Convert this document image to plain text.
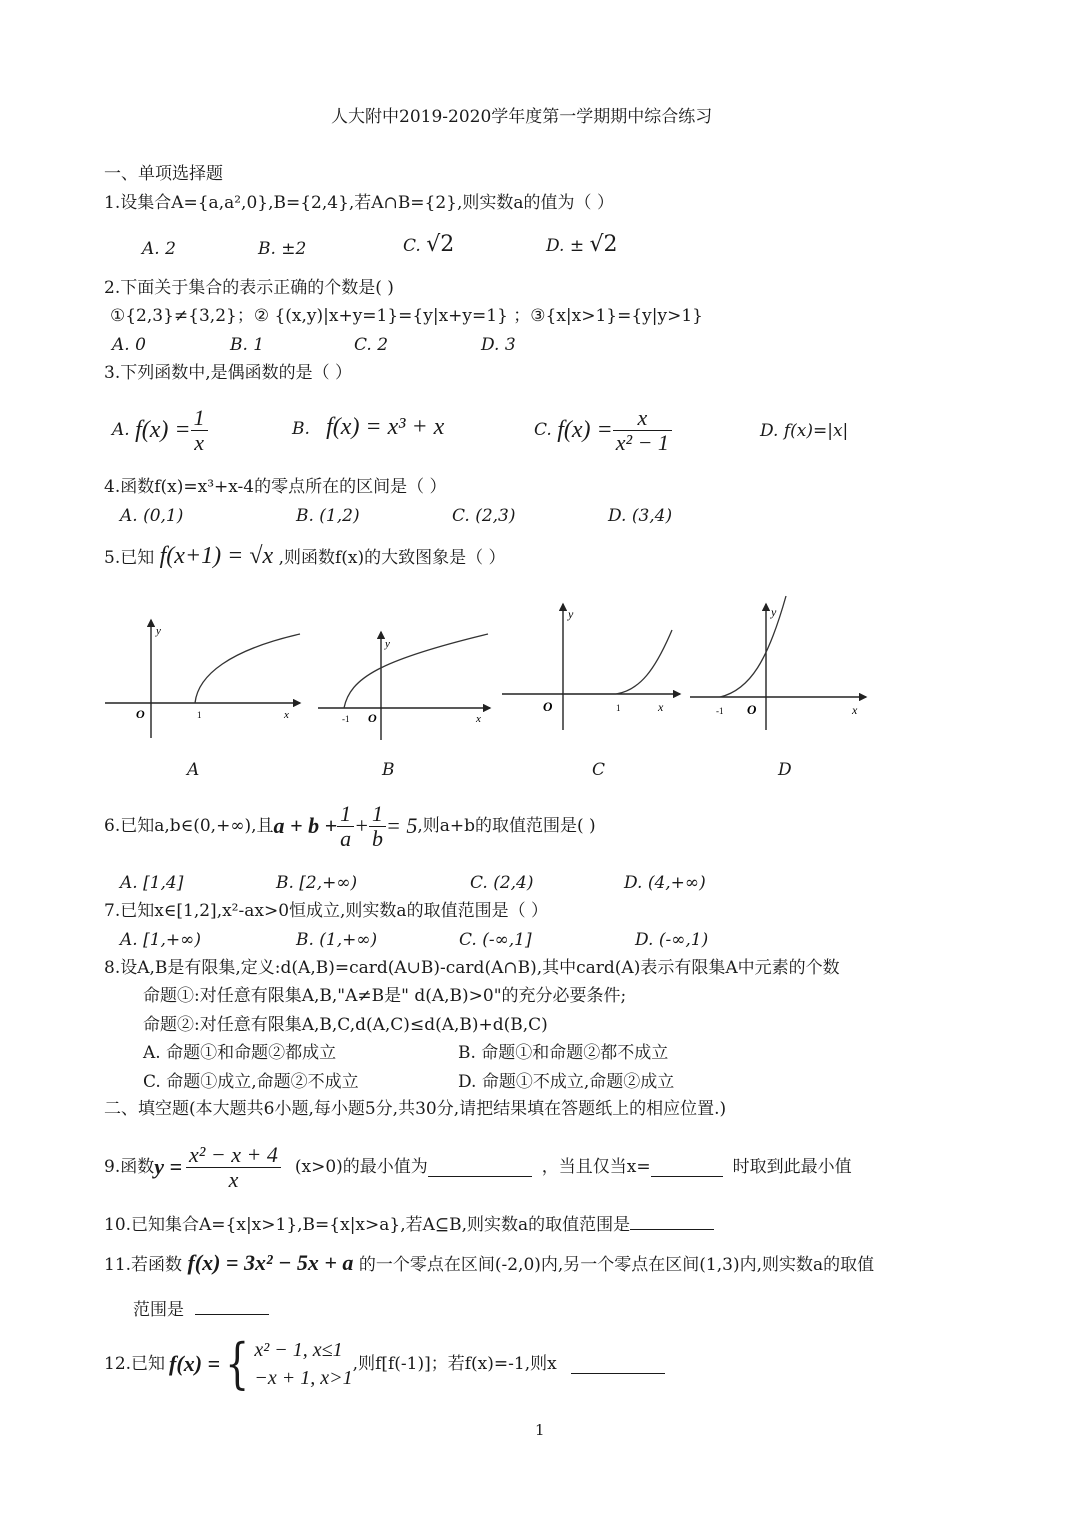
人大附中2019-2020学年度第一学期期中综合练习
一、单项选择题
1.设集合A={a,a²,0},B={2,4},若A∩B={2},则实数a的值为（ ）
A. 2	B. ±2	C. √2	D. ± √2
2.下面关于集合的表示正确的个数是( )
①{2,3}≠{3,2}；② {(x,y)|x+y=1}={y|x+y=1} ；③{x|x>1}={y|y>1}
A. 0	B. 1	C. 2	D. 3
3.下列函数中,是偶函数的是（ ）
A.
$f(x) = \frac{1}{x}$	B. f(x) = x³ + x	C.
$f(x) = \frac{x}{\text{x² − 1}}$	D. f(x)=|x|
4.函数f(x)=x³+x-4的零点所在的区间是（ ）
A. (0,1)	B. (1,2)	C. (2,3)	D. (3,4)
5.已知 f(x+1) = √x ,则函数f(x)的大致图象是（ ）
y
O	1	x
y
O
-1	x
y
O	1	x
y
O
-1	x
A	B	C	D
6.已知a,b∈(0,+∞),且 $a + b + \frac{1}{a} + \frac{1}{b} = 5$ ,则a+b的取值范围是( )
A. [1,4]	B. [2,+∞)	C. (2,4)	D. (4,+∞)
7.已知x∈[1,2],x²-ax>0恒成立,则实数a的取值范围是（ ）
A. [1,+∞)	B. (1,+∞)	C. (-∞,1]	D. (-∞,1)
8.设A,B是有限集,定义:d(A,B)=card(A∪B)-card(A∩B),其中card(A)表示有限集A中元素的个数
命题①:对任意有限集A,B,"A≠B是" d(A,B)>0"的充分必要条件;
命题②:对任意有限集A,B,C,d(A,C)≤d(A,B)+d(B,C)
A. 命题①和命题②都成立	B. 命题①和命题②都不成立
C. 命题①成立,命题②不成立	D. 命题①不成立,命题②成立
二、填空题(本大题共6小题,每小题5分,共30分,请把结果填在答题纸上的相应位置.)
9.函数 $y = \frac{\text{x² − x + 4}}{x} (x>0)$的最小值为	，当且仅当x=	时取到此最小值
10.已知集合A={x|x>1},B={x|x>a},若A⊆B,则实数a的取值范围是
11.若函数 f(x) = 3x² − 5x + a 的一个零点在区间(-2,0)内,另一个零点在区间(1,3)内,则实数a的取值
范围是
12.已知 f(x) = { x² − 1, x≤1
−x + 1, x>1
,则f[f(-1)]；若f(x)=-1,则x
1
